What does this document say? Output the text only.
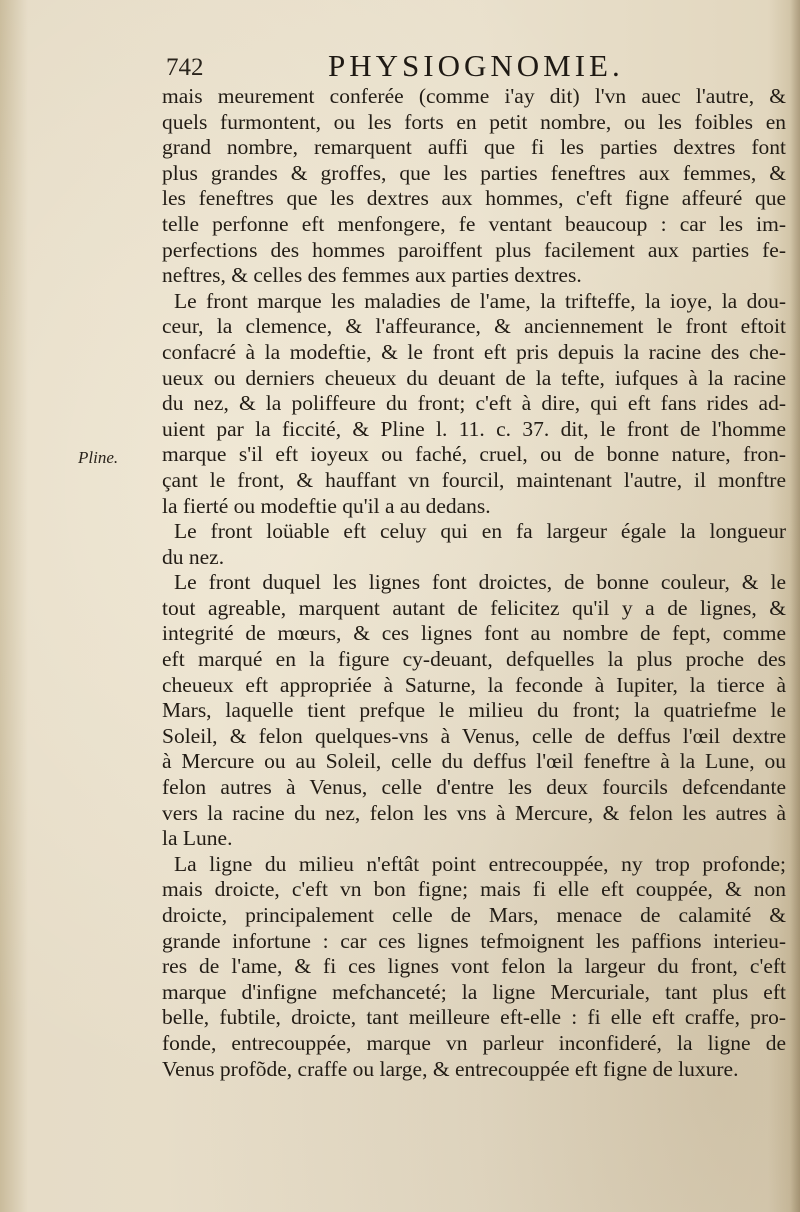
742	PHYSIOGNOMIE.
Pline.
mais meurement conferée (comme i'ay dit) l'vn auec l'autre, &
quels furmontent, ou les forts en petit nombre, ou les foibles en
grand nombre, remarquent auffi que fi les parties dextres font
plus grandes & groffes, que les parties feneftres aux femmes, &
les feneftres que les dextres aux hommes, c'eft figne affeuré que
telle perfonne eft menfongere, fe ventant beaucoup : car les im-
perfections des hommes paroiffent plus facilement aux parties fe-
neftres, & celles des femmes aux parties dextres.
Le front marque les maladies de l'ame, la trifteffe, la ioye, la dou-
ceur, la clemence, & l'affeurance, & anciennement le front eftoit
confacré à la modeftie, & le front eft pris depuis la racine des che-
ueux ou derniers cheueux du deuant de la tefte, iufques à la racine
du nez, & la poliffeure du front; c'eft à dire, qui eft fans rides ad-
uient par la ficcité, & Pline l. 11. c. 37. dit, le front de l'homme
marque s'il eft ioyeux ou faché, cruel, ou de bonne nature, fron-
çant le front, & hauffant vn fourcil, maintenant l'autre, il monftre
la fierté ou modeftie qu'il a au dedans.
Le front loüable eft celuy qui en fa largeur égale la longueur
du nez.
Le front duquel les lignes font droictes, de bonne couleur, & le
tout agreable, marquent autant de felicitez qu'il y a de lignes, &
integrité de mœurs, & ces lignes font au nombre de fept, comme
eft marqué en la figure cy-deuant, defquelles la plus proche des
cheueux eft appropriée à Saturne, la feconde à Iupiter, la tierce à
Mars, laquelle tient prefque le milieu du front; la quatriefme le
Soleil, & felon quelques-vns à Venus, celle de deffus l'œil dextre
à Mercure ou au Soleil, celle du deffus l'œil feneftre à la Lune, ou
felon autres à Venus, celle d'entre les deux fourcils defcendante
vers la racine du nez, felon les vns à Mercure, & felon les autres à
la Lune.
La ligne du milieu n'eftât point entrecouppée, ny trop profonde;
mais droicte, c'eft vn bon figne; mais fi elle eft couppée, & non
droicte, principalement celle de Mars, menace de calamité &
grande infortune : car ces lignes tefmoignent les paffions interieu-
res de l'ame, & fi ces lignes vont felon la largeur du front, c'eft
marque d'infigne mefchanceté; la ligne Mercuriale, tant plus eft
belle, fubtile, droicte, tant meilleure eft-elle : fi elle eft craffe, pro-
fonde, entrecouppée, marque vn parleur inconfideré, la ligne de
Venus profõde, craffe ou large, & entrecouppée eft figne de luxure.
